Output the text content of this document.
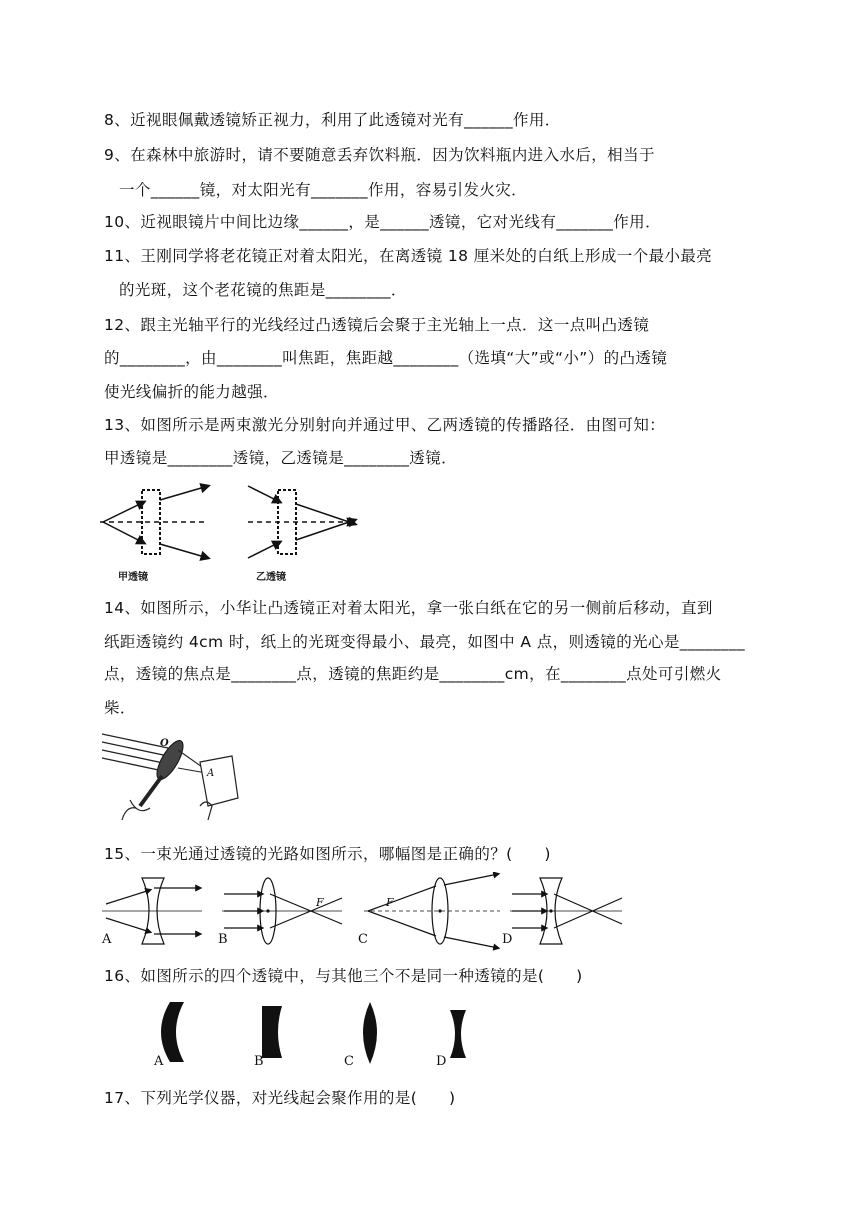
8、近视眼佩戴透镜矫正视力，利用了此透镜对光有______作用．
9、在森林中旅游时，请不要随意丢弃饮料瓶．因为饮料瓶内进入水后，相当于
一个______镜，对太阳光有_______作用，容易引发火灾．
10、近视眼镜片中间比边缘______，是______透镜，它对光线有_______作用．
11、王刚同学将老花镜正对着太阳光，在离透镜 18 厘米处的白纸上形成一个最小最亮
的光斑，这个老花镜的焦距是________．
12、跟主光轴平行的光线经过凸透镜后会聚于主光轴上一点．这一点叫凸透镜
的________，由________叫焦距，焦距越________（选填“大”或“小”）的凸透镜
使光线偏折的能力越强．
13、如图所示是两束激光分别射向并通过甲、乙两透镜的传播路径．由图可知：
甲透镜是________透镜，乙透镜是________透镜．
甲透镜	乙透镜
14、如图所示，小华让凸透镜正对着太阳光，拿一张白纸在它的另一侧前后移动，直到
纸距透镜约 4cm 时，纸上的光斑变得最小、最亮，如图中 A 点，则透镜的光心是________
点，透镜的焦点是________点，透镜的焦距约是________cm，在________点处可引燃火
柴．
O
A
15、一束光通过透镜的光路如图所示，哪幅图是正确的？(　　)
F	F
A	B	C	D
16、如图所示的四个透镜中，与其他三个不是同一种透镜的是(　　)
A	B	C	D
17、下列光学仪器，对光线起会聚作用的是(　　)
